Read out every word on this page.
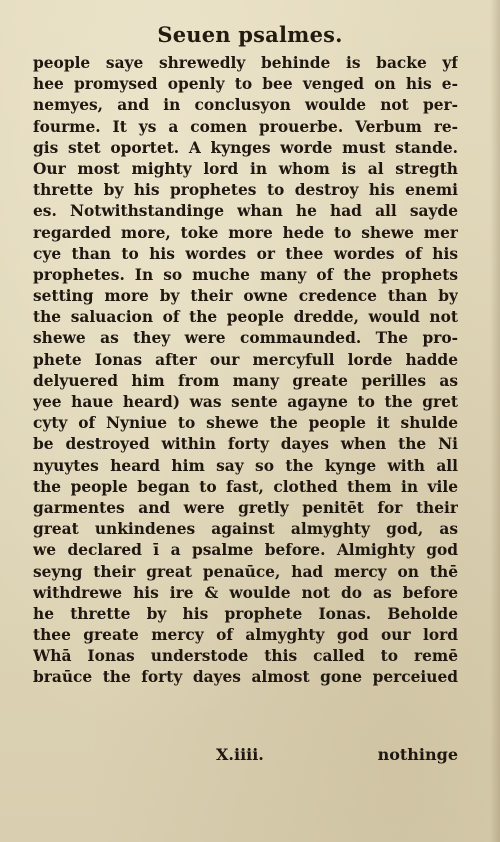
Seuen psalmes.
people saye shrewedly behinde is backe yf
hee promysed openly to bee venged on his e-
nemyes, and in conclusyon woulde not per-
fourme. It ys a comen prouerbe. Verbum re-
gis stet oportet. A kynges worde must stande.
Our most mighty lord in whom is al stregth
thrette by his prophetes to destroy his enemi
es. Notwithstandinge whan he had all sayde
regarded more, toke more hede to shewe mer
cye than to his wordes or thee wordes of his
prophetes. In so muche many of the prophets
setting more by their owne credence than by
the saluacion of the people dredde, would not
shewe as they were commaunded. The pro-
phete Ionas after our mercyfull lorde hadde
delyuered him from many greate perilles as
yee haue heard) was sente agayne to the gret
cyty of Nyniue to shewe the people it shulde
be destroyed within forty dayes when the Ni
nyuytes heard him say so the kynge with all
the people began to fast, clothed them in vile
garmentes and were gretly penitēt for their
great unkindenes against almyghty god, as
we declared ī a psalme before. Almighty god
seyng their great penaūce, had mercy on thē
withdrewe his ire & woulde not do as before
he thrette by his prophete Ionas. Beholde
thee greate mercy of almyghty god our lord
Whā Ionas understode this called to remē
braūce the forty dayes almost gone perceiued
X.iiii.	nothinge
